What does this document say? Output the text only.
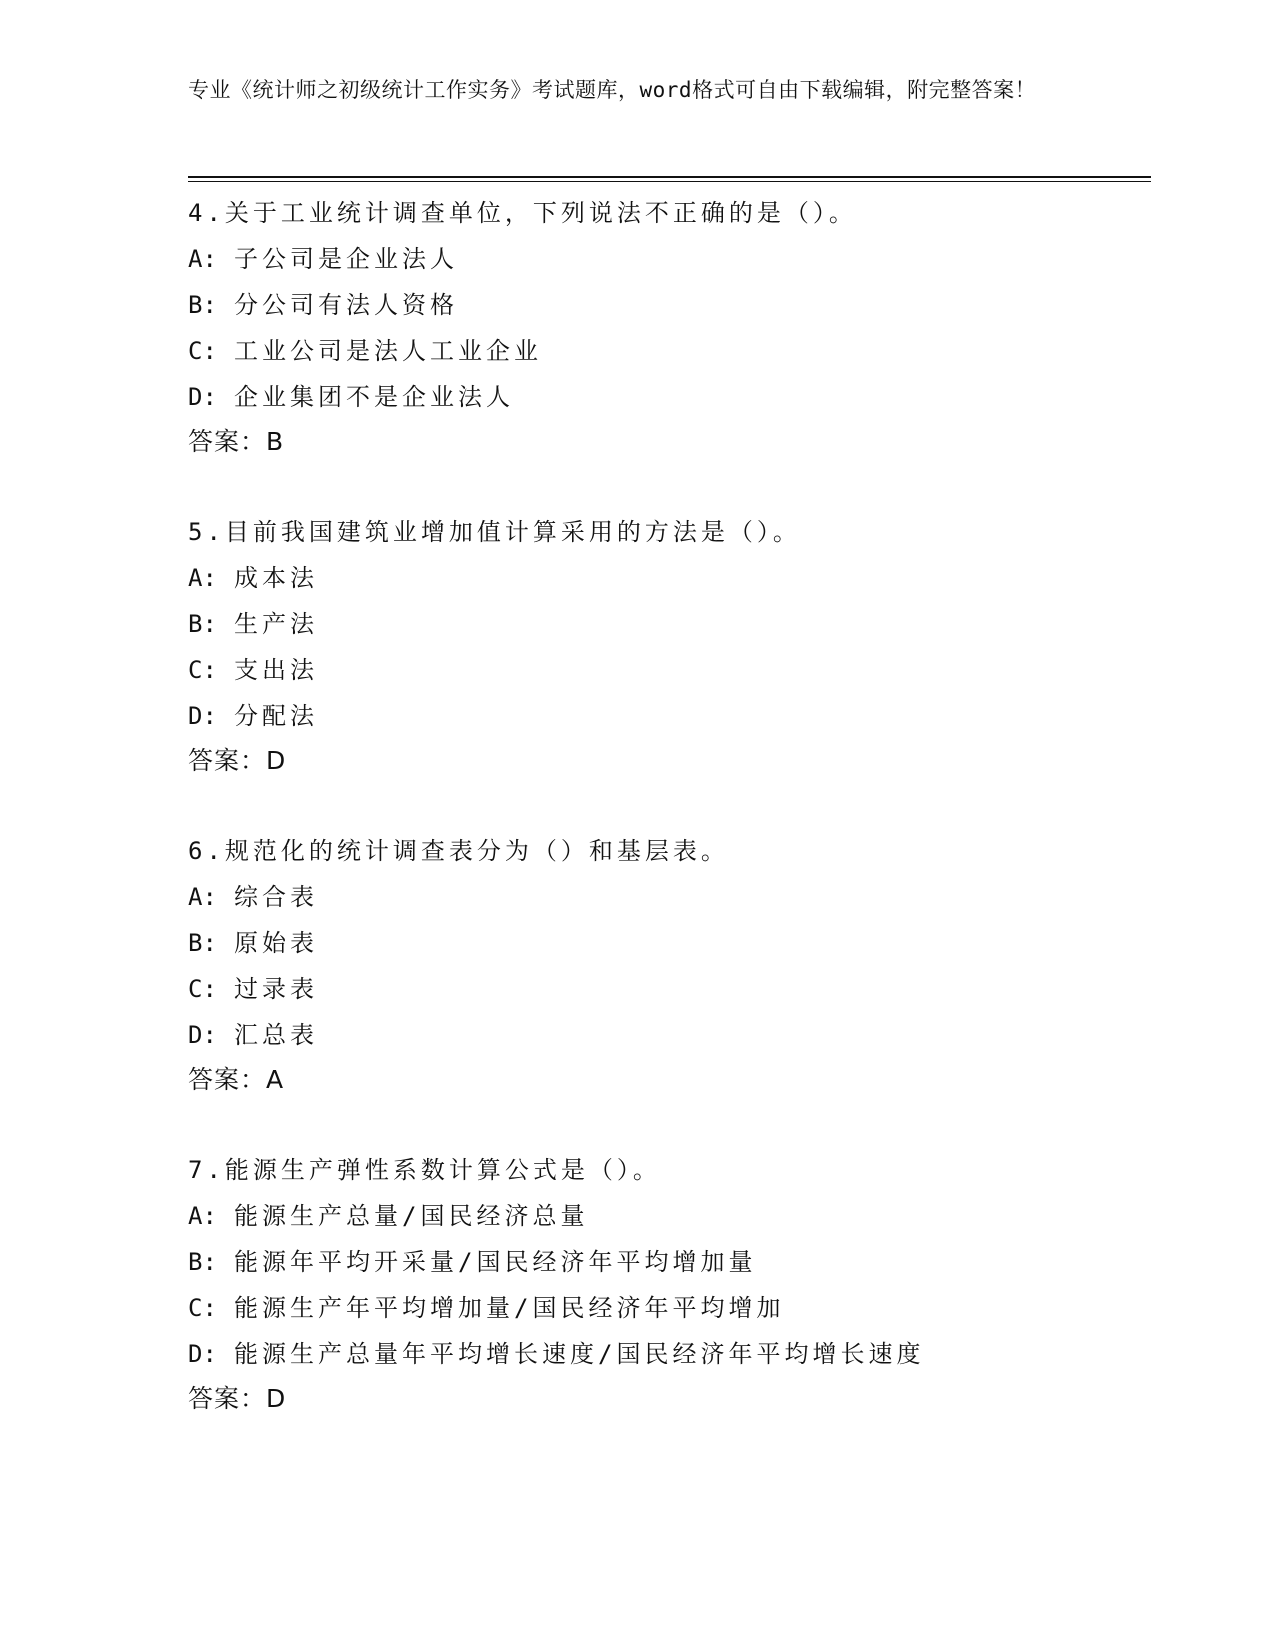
专业《统计师之初级统计工作实务》考试题库，word格式可自由下载编辑，附完整答案！
4.关于工业统计调查单位，下列说法不正确的是（）。
A: 子公司是企业法人
B: 分公司有法人资格
C: 工业公司是法人工业企业
D: 企业集团不是企业法人
答案：B
5.目前我国建筑业增加值计算采用的方法是（）。
A: 成本法
B: 生产法
C: 支出法
D: 分配法
答案：D
6.规范化的统计调查表分为（）和基层表。
A: 综合表
B: 原始表
C: 过录表
D: 汇总表
答案：A
7.能源生产弹性系数计算公式是（）。
A: 能源生产总量/国民经济总量
B: 能源年平均开采量/国民经济年平均增加量
C: 能源生产年平均增加量/国民经济年平均增加
D: 能源生产总量年平均增长速度/国民经济年平均增长速度
答案：D
